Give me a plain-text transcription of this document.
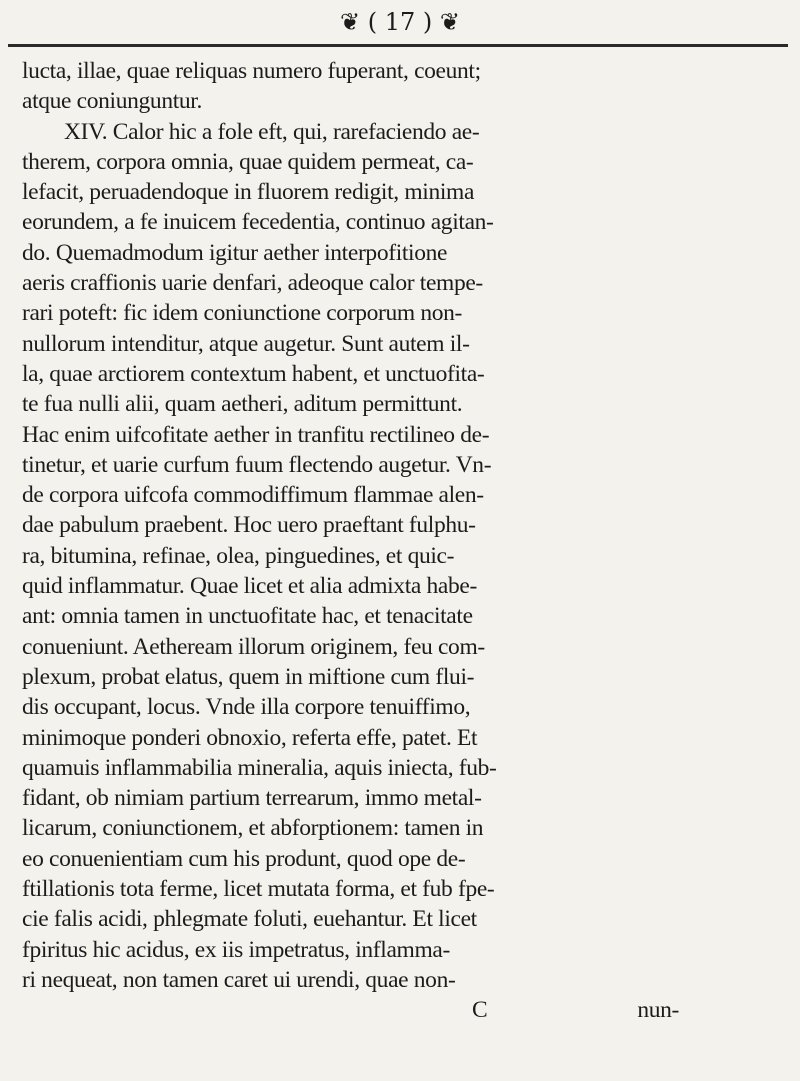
❦ ( 17 ) ❦
lucta, illae, quae reliquas numero fuperant, coeunt;
atque coniunguntur.
XIV. Calor hic a fole eft, qui, rarefaciendo ae-
therem, corpora omnia, quae quidem permeat, ca-
lefacit, peruadendoque in fluorem redigit, minima
eorundem, a fe inuicem fecedentia, continuo agitan-
do. Quemadmodum igitur aether interpofitione
aeris craffionis uarie denfari, adeoque calor tempe-
rari poteft: fic idem coniunctione corporum non-
nullorum intenditur, atque augetur. Sunt autem il-
la, quae arctiorem contextum habent, et unctuofita-
te fua nulli alii, quam aetheri, aditum permittunt.
Hac enim uifcofitate aether in tranfitu rectilineo de-
tinetur, et uarie curfum fuum flectendo augetur. Vn-
de corpora uifcofa commodiffimum flammae alen-
dae pabulum praebent. Hoc uero praeftant fulphu-
ra, bitumina, refinae, olea, pinguedines, et quic-
quid inflammatur. Quae licet et alia admixta habe-
ant: omnia tamen in unctuofitate hac, et tenacitate
conueniunt. Aetheream illorum originem, feu com-
plexum, probat elatus, quem in miftione cum flui-
dis occupant, locus. Vnde illa corpore tenuiffimo,
minimoque ponderi obnoxio, referta effe, patet. Et
quamuis inflammabilia mineralia, aquis iniecta, fub-
fidant, ob nimiam partium terrearum, immo metal-
licarum, coniunctionem, et abforptionem: tamen in
eo conuenientiam cum his produnt, quod ope de-
ftillationis tota ferme, licet mutata forma, et fub fpe-
cie falis acidi, phlegmate foluti, euehantur. Et licet
fpiritus hic acidus, ex iis impetratus, inflamma-
ri nequeat, non tamen caret ui urendi, quae non-
C	nun-
